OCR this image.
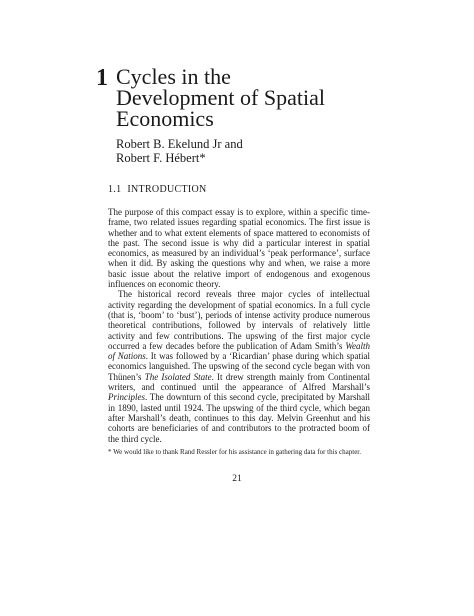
1 Cycles in the
Development of Spatial
Economics
Robert B. Ekelund Jr and
Robert F. Hébert*
1.1 INTRODUCTION

The purpose of this compact essay is to explore, within a specific time-frame, two related issues regarding spatial economics. The first issue is whether and to what extent elements of space mattered to economists of the past. The second issue is why did a particular interest in spatial economics, as measured by an individual’s ‘peak performance’, surface when it did. By asking the questions why and when, we raise a more basic issue about the relative import of endogenous and exogenous influences on economic theory.

The historical record reveals three major cycles of intellectual activity regarding the development of spatial economics. In a full cycle (that is, ‘boom’ to ‘bust’), periods of intense activity produce numerous theoretical contributions, followed by intervals of relatively little activity and few contributions. The upswing of the first major cycle occurred a few decades before the publication of Adam Smith’s Wealth of Nations. It was followed by a ‘Ricardian’ phase during which spatial economics languished. The upswing of the second cycle began with von Thünen’s The Isolated State. It drew strength mainly from Continental writers, and continued until the appearance of Alfred Marshall’s Principles. The downturn of this second cycle, precipitated by Marshall in 1890, lasted until 1924. The upswing of the third cycle, which began after Marshall’s death, continues to this day. Melvin Greenhut and his cohorts are beneficiaries of and contributors to the protracted boom of the third cycle.

* We would like to thank Rand Ressler for his assistance in gathering data for this chapter.
21
